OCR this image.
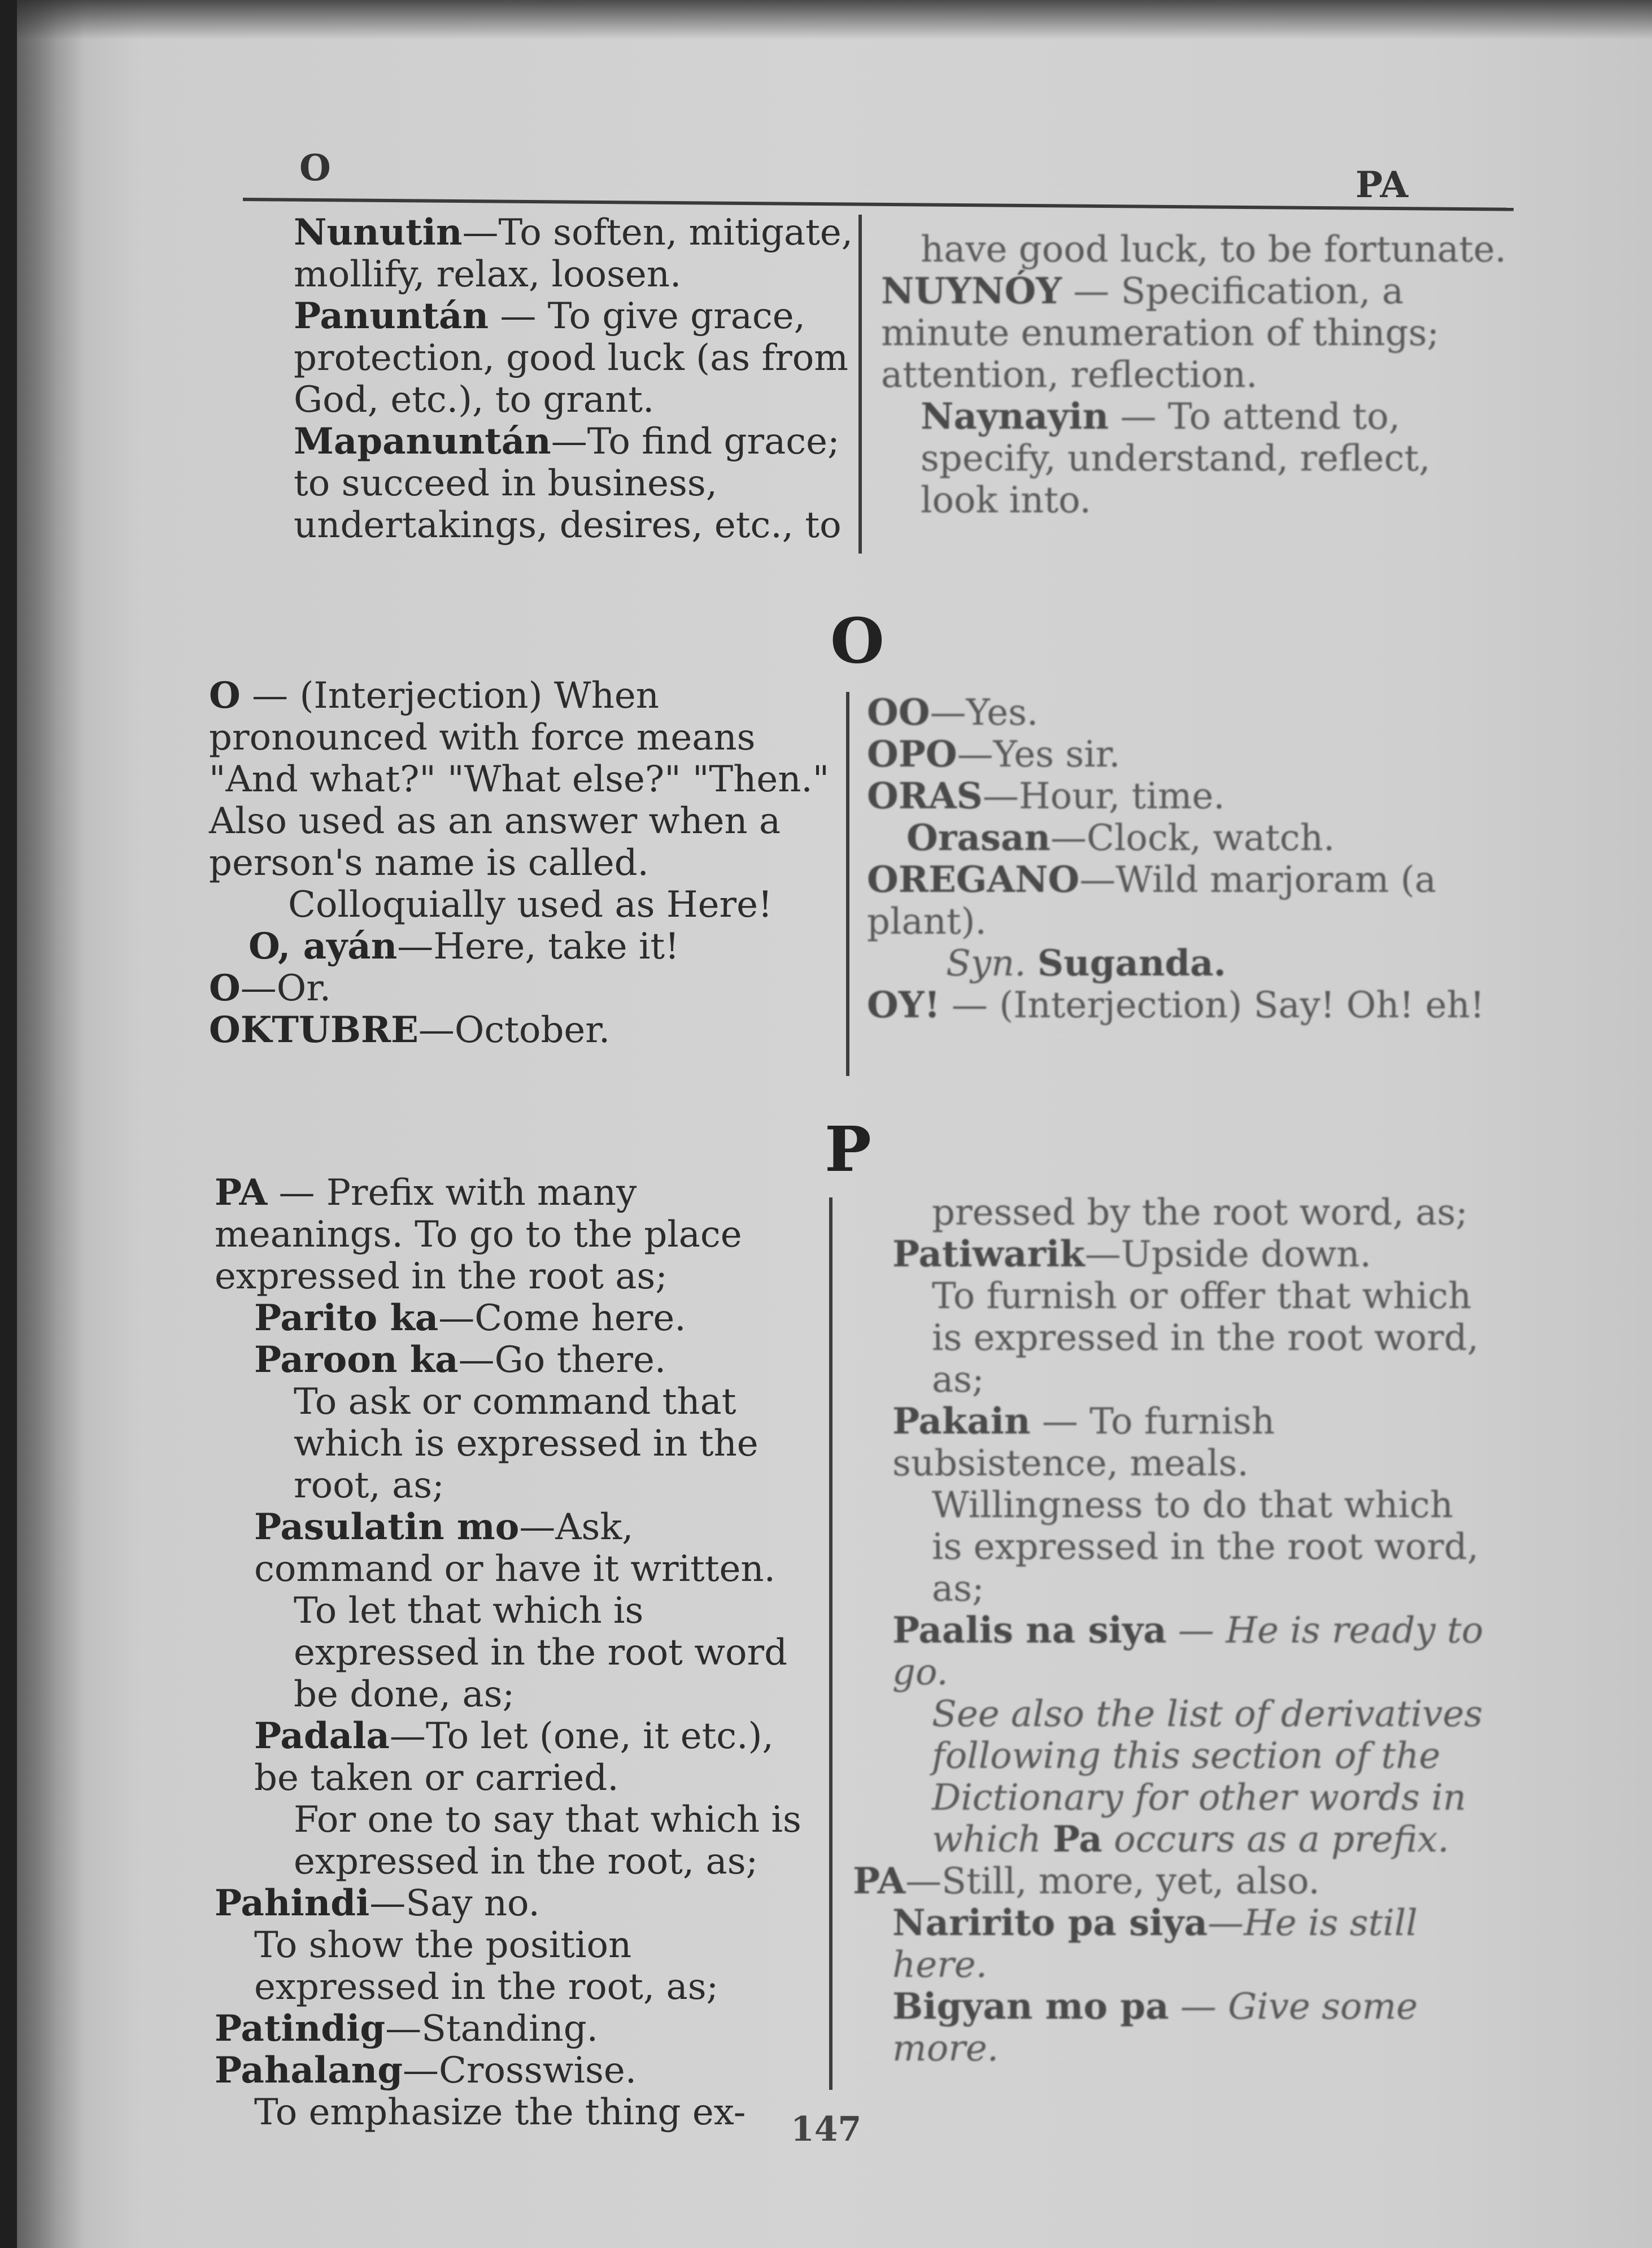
O	PA

Nunutin—To soften, mitigate, mollify, relax, loosen.

Panuntán — To give grace, protection, good luck (as from God, etc.), to grant.

Mapanuntán—To find grace; to succeed in business, undertakings, desires, etc., to

have good luck, to be fortunate.

NUYNÓY — Specification, a minute enumeration of things; attention, reflection.

Naynayin — To attend to, specify, understand, reflect, look into.

O

O — (Interjection) When pronounced with force means "And what?" "What else?" "Then." Also used as an answer when a person's name is called.

Colloquially used as Here!

O, ayán—Here, take it!

O—Or.

OKTUBRE—October.

OO—Yes.

OPO—Yes sir.

ORAS—Hour, time.

Orasan—Clock, watch.

OREGANO—Wild marjoram (a plant).

Syn. Suganda.

OY! — (Interjection) Say! Oh! eh!

P

PA — Prefix with many meanings. To go to the place expressed in the root as;

Parito ka—Come here.

Paroon ka—Go there.

To ask or command that which is expressed in the root, as;

Pasulatin mo—Ask, command or have it written.

To let that which is expressed in the root word be done, as;

Padala—To let (one, it etc.), be taken or carried.

For one to say that which is expressed in the root, as;

Pahindi—Say no.

To show the position expressed in the root, as;

Patindig—Standing.

Pahalang—Crosswise.

To emphasize the thing ex-

pressed by the root word, as;

Patiwarik—Upside down.

To furnish or offer that which is expressed in the root word, as;

Pakain — To furnish subsistence, meals.

Willingness to do that which is expressed in the root word, as;

Paalis na siya — He is ready to go.

See also the list of derivatives following this section of the Dictionary for other words in which Pa occurs as a prefix.

PA—Still, more, yet, also.

Naririto pa siya—He is still here.

Bigyan mo pa — Give some more.

147
